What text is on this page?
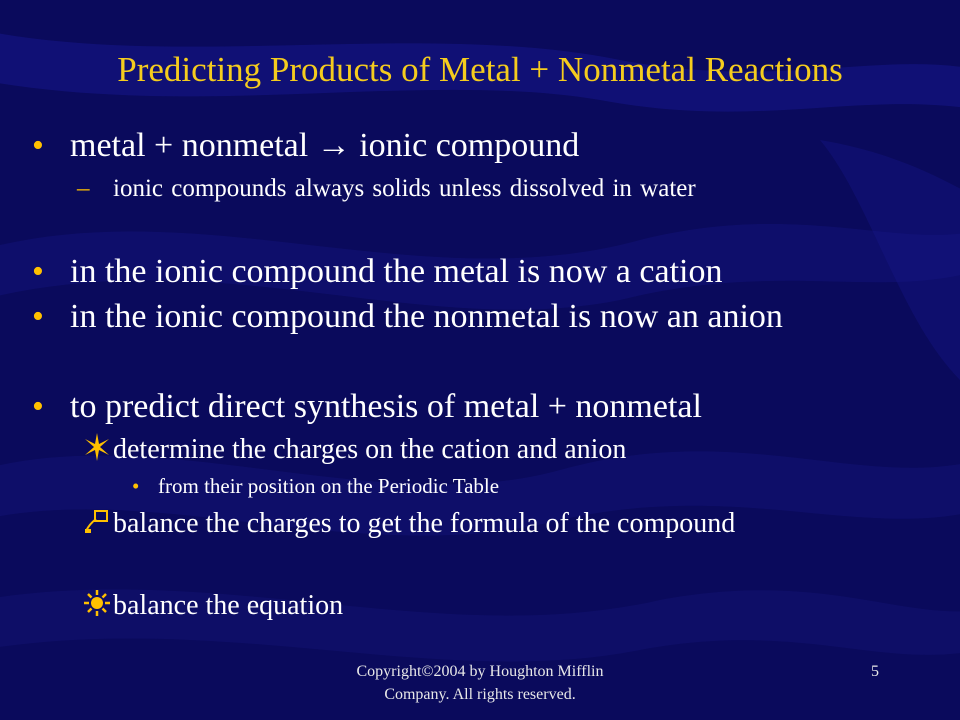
Predicting Products of Metal + Nonmetal Reactions
• metal + nonmetal → ionic compound
– ionic compounds always solids unless dissolved in water
• in the ionic compound the metal is now a cation
• in the ionic compound the nonmetal is now an anion
• to predict direct synthesis of metal + nonmetal
determine the charges on the cation and anion
• from their position on the Periodic Table
balance the charges to get the formula of the compound
balance the equation
Copyright©2004 by Houghton Mifflin Company. All rights reserved.
5
